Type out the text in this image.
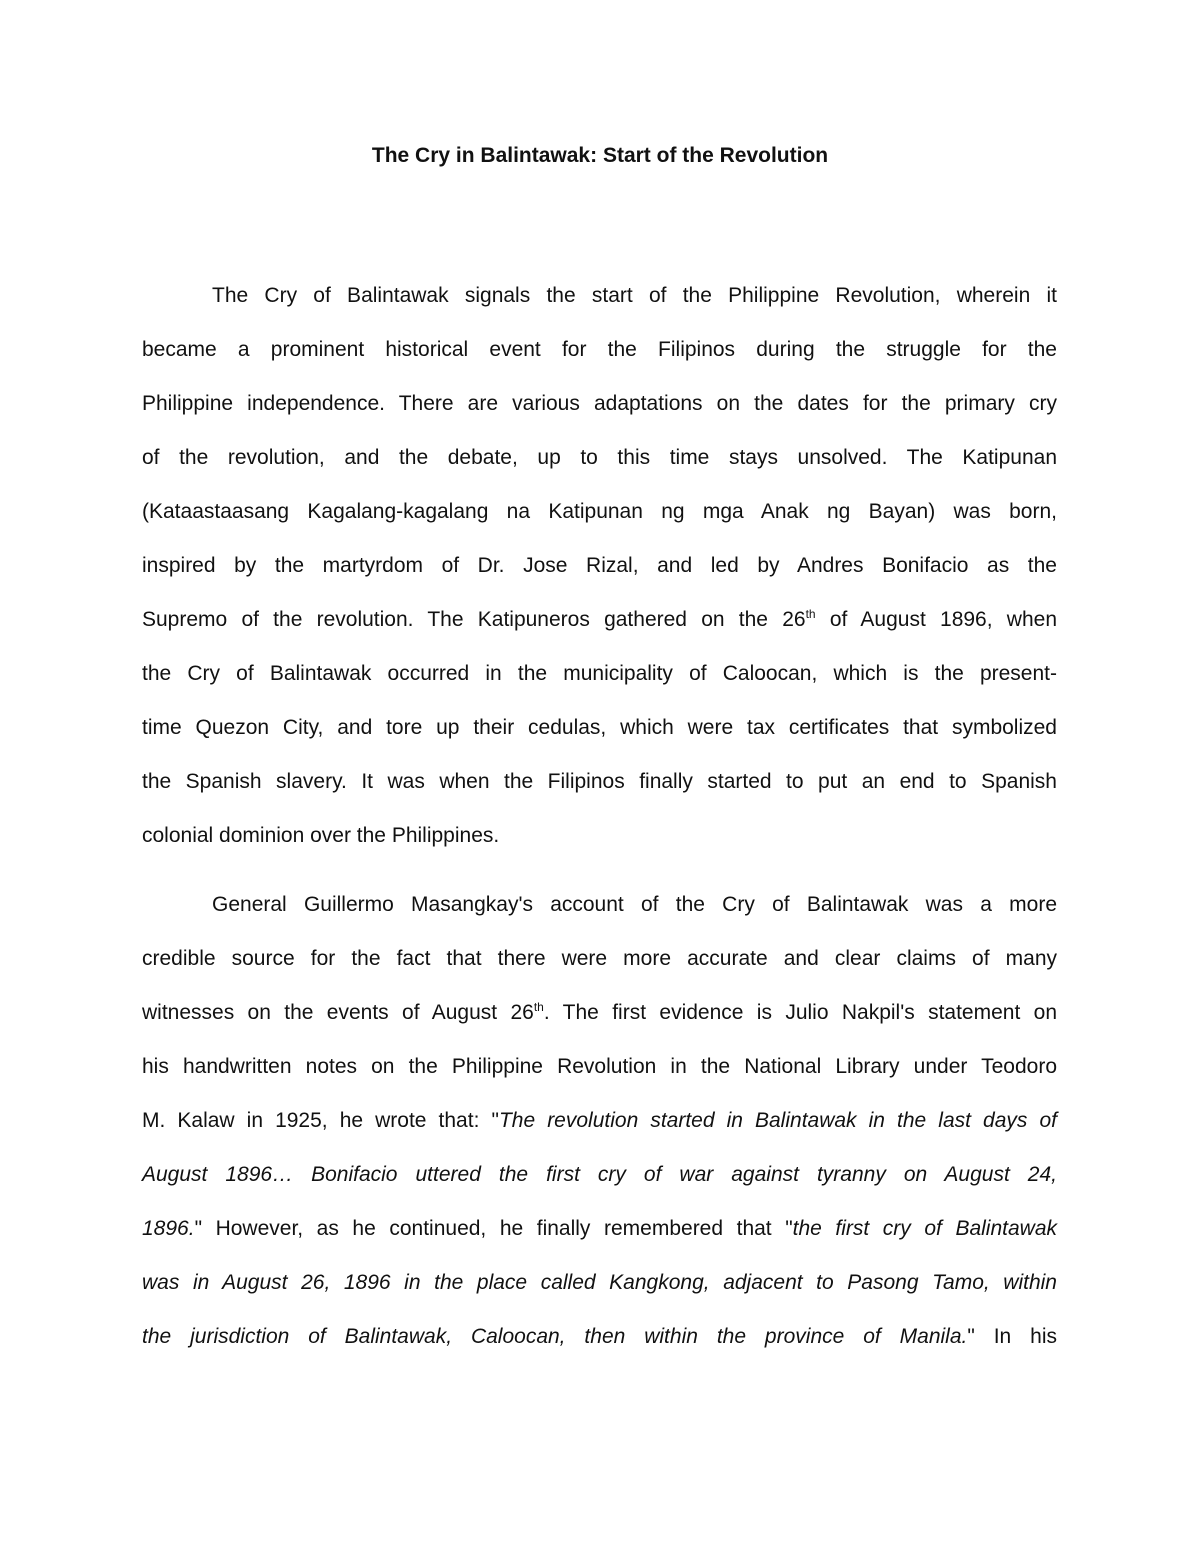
The Cry in Balintawak: Start of the Revolution

The Cry of Balintawak signals the start of the Philippine Revolution, wherein it
became a prominent historical event for the Filipinos during the struggle for the
Philippine independence. There are various adaptations on the dates for the primary cry
of the revolution, and the debate, up to this time stays unsolved. The Katipunan
(Kataastaasang Kagalang-kagalang na Katipunan ng mga Anak ng Bayan) was born,
inspired by the martyrdom of Dr. Jose Rizal, and led by Andres Bonifacio as the
Supremo of the revolution. The Katipuneros gathered on the 26th of August 1896, when
the Cry of Balintawak occurred in the municipality of Caloocan, which is the present-
time Quezon City, and tore up their cedulas, which were tax certificates that symbolized
the Spanish slavery. It was when the Filipinos finally started to put an end to Spanish
colonial dominion over the Philippines.

General Guillermo Masangkay's account of the Cry of Balintawak was a more
credible source for the fact that there were more accurate and clear claims of many
witnesses on the events of August 26th. The first evidence is Julio Nakpil's statement on
his handwritten notes on the Philippine Revolution in the National Library under Teodoro
M. Kalaw in 1925, he wrote that: "The revolution started in Balintawak in the last days of
August 1896… Bonifacio uttered the first cry of war against tyranny on August 24,
1896." However, as he continued, he finally remembered that "the first cry of Balintawak
was in August 26, 1896 in the place called Kangkong, adjacent to Pasong Tamo, within
the jurisdiction of Balintawak, Caloocan, then within the province of Manila." In his
